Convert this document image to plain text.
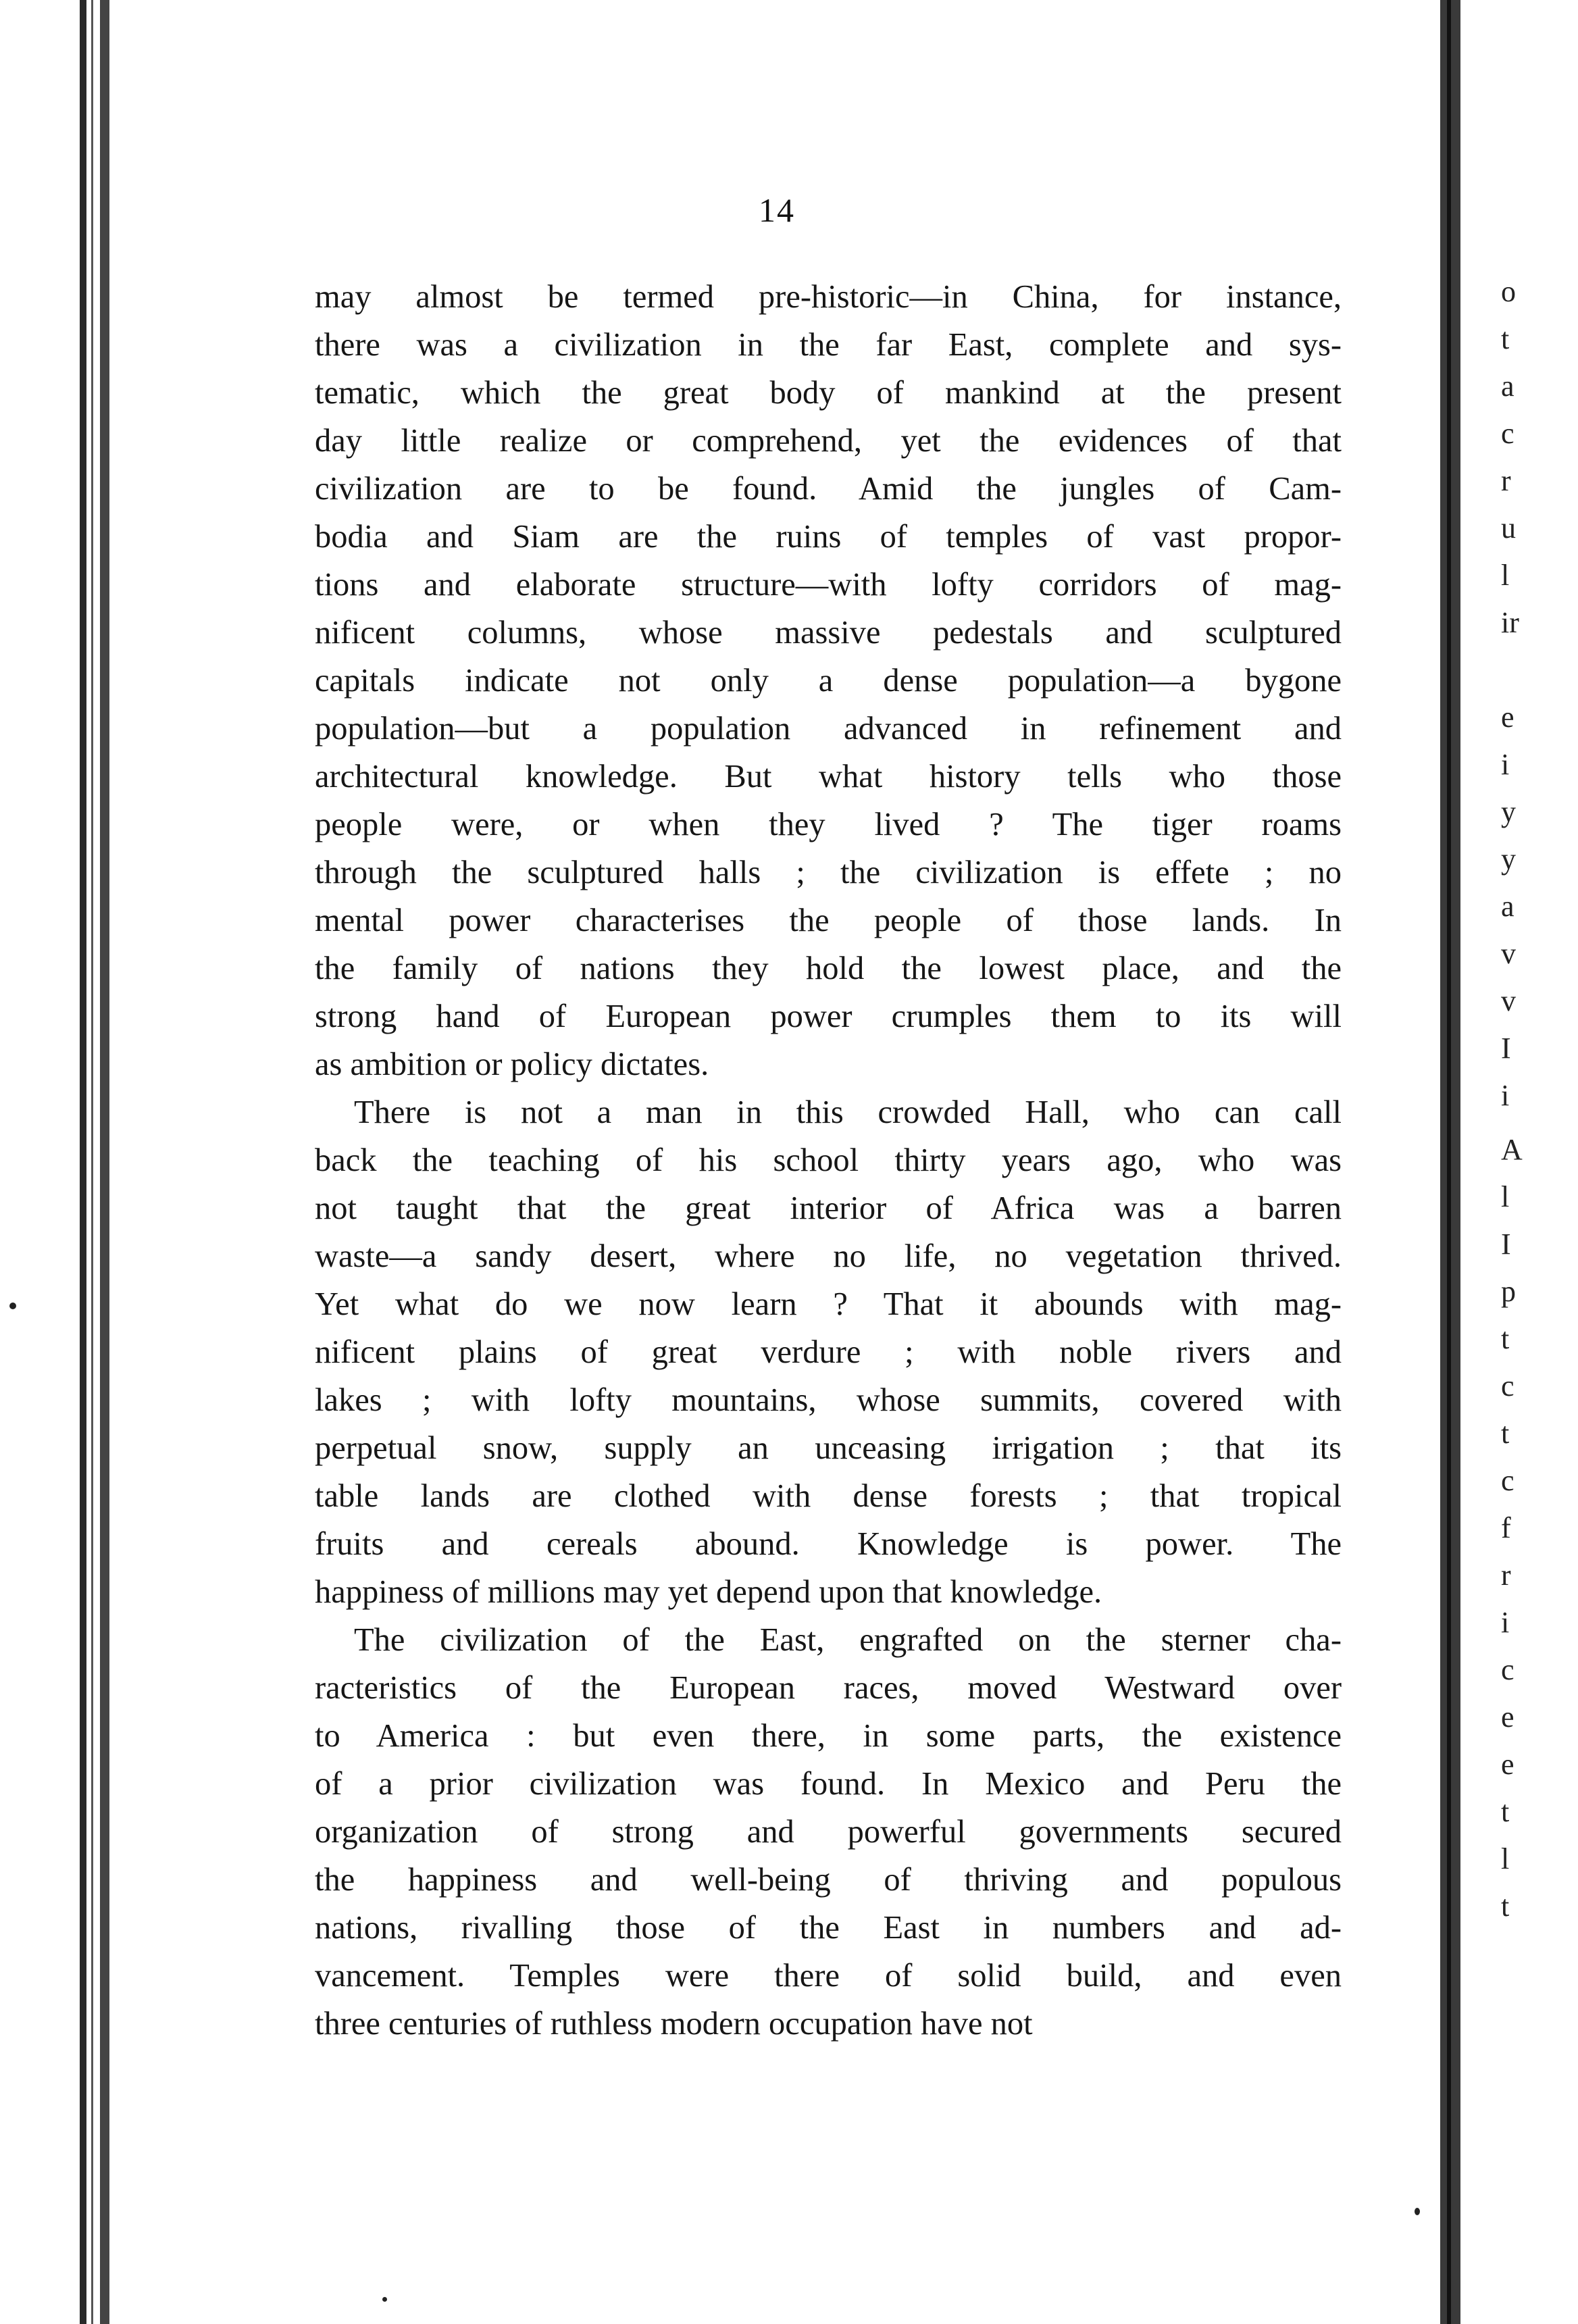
14
may almost be termed pre-historic—in China, for instance,
there was a civilization in the far East, complete and sys-
tematic, which the great body of mankind at the present
day little realize or comprehend, yet the evidences of that
civilization are to be found. Amid the jungles of Cam-
bodia and Siam are the ruins of temples of vast propor-
tions and elaborate structure—with lofty corridors of mag-
nificent columns, whose massive pedestals and sculptured
capitals indicate not only a dense population—a bygone
population—but a population advanced in refinement and
architectural knowledge. But what history tells who those
people were, or when they lived ? The tiger roams
through the sculptured halls ; the civilization is effete ; no
mental power characterises the people of those lands. In
the family of nations they hold the lowest place, and the
strong hand of European power crumples them to its will
as ambition or policy dictates.
There is not a man in this crowded Hall, who can call
back the teaching of his school thirty years ago, who was
not taught that the great interior of Africa was a barren
waste—a sandy desert, where no life, no vegetation thrived.
Yet what do we now learn ? That it abounds with mag-
nificent plains of great verdure ; with noble rivers and
lakes ; with lofty mountains, whose summits, covered with
perpetual snow, supply an unceasing irrigation ; that its
table lands are clothed with dense forests ; that tropical
fruits and cereals abound. Knowledge is power. The
happiness of millions may yet depend upon that knowledge.
The civilization of the East, engrafted on the sterner cha-
racteristics of the European races, moved Westward over
to America : but even there, in some parts, the existence
of a prior civilization was found. In Mexico and Peru the
organization of strong and powerful governments secured
the happiness and well-being of thriving and populous
nations, rivalling those of the East in numbers and ad-
vancement. Temples were there of solid build, and even
three centuries of ruthless modern occupation have not
o
t
a
c
r
u
l
ir
e
i
y
y
a
v
v
I
i
A
l
I
p
t
c
t
c
f
r
i
c
e
e
t
l
t
